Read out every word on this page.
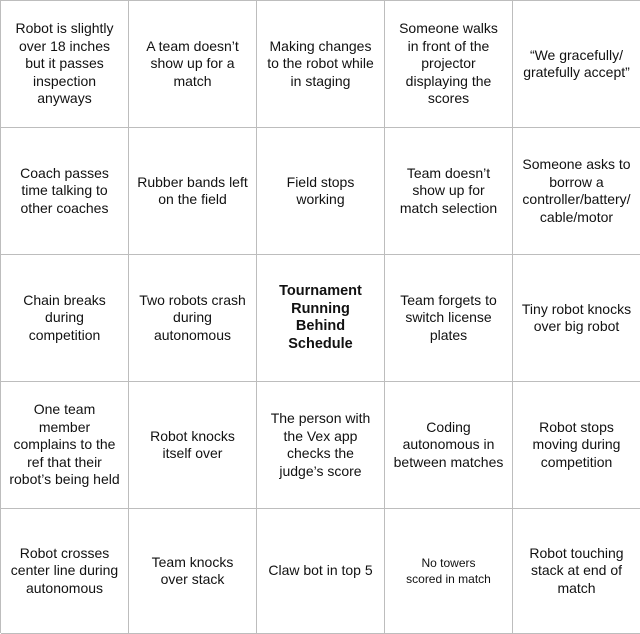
Robot is slightly
over 18 inches
but it passes
inspection
anyways
A team doesn’t
show up for a
match
Making changes
to the robot while
in staging
Someone walks
in front of the
projector
displaying the
scores
“We gracefully/
gratefully accept”
Coach passes
time talking to
other coaches
Rubber bands left
on the field
Field stops
working
Team doesn’t
show up for
match selection
Someone asks to
borrow a
controller/battery/
cable/motor
Chain breaks
during
competition
Two robots crash
during
autonomous
Tournament
Running
Behind
Schedule
Team forgets to
switch license
plates
Tiny robot knocks
over big robot
One team
member
complains to the
ref that their
robot’s being held
Robot knocks
itself over
The person with
the Vex app
checks the
judge’s score
Coding
autonomous in
between matches
Robot stops
moving during
competition
Robot crosses
center line during
autonomous
Team knocks
over stack
Claw bot in top 5	No towers
scored in match
Robot touching
stack at end of
match
